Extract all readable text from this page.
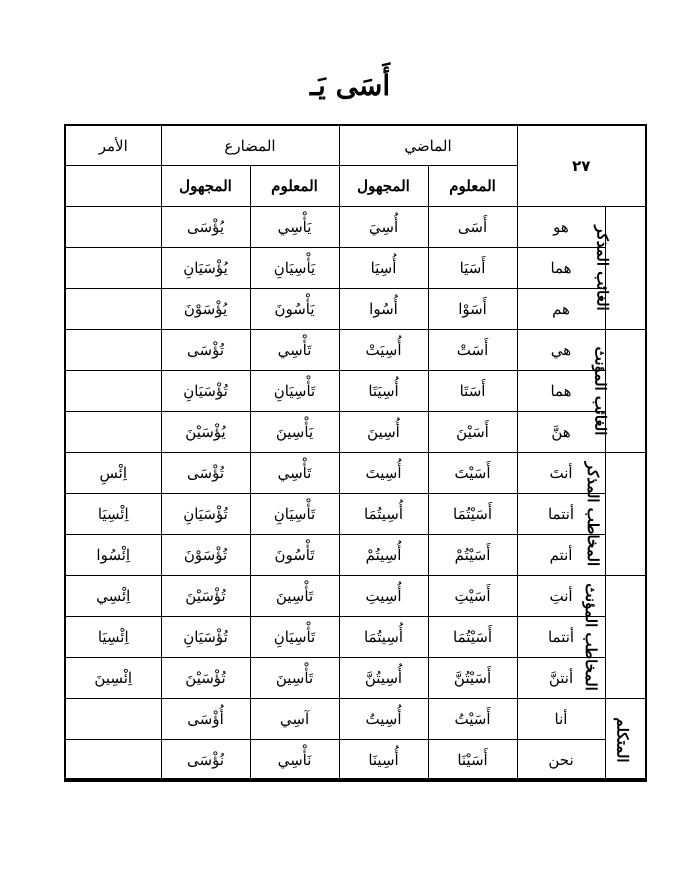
أَسَى يَـ
٢٧		الماضي		المضارع		الأمر
		المعلوم	المجهول	المعلوم	المجهول	
الغائب المذكر	هو	أَسَى	أُسِيَ	يَأْسِي	يُؤْسَى	
	هما	أَسَيَا	أُسِيَا	يَأْسِيَانِ	يُؤْسَيَانِ	
	هم	أَسَوْا	أُسُوا	يَأْسُونَ	يُؤْسَوْنَ	
الغائب المؤنث	هي	أَسَتْ	أُسِيَتْ	تَأْسِي	تُؤْسَى	
	هما	أَسَتَا	أُسِيَتَا	تَأْسِيَانِ	تُؤْسَيَانِ	
	هنَّ	أَسَيْنَ	أُسِينَ	يَأْسِينَ	يُؤْسَيْنَ	
المخاطب المذكر	أنتَ	أَسَيْتَ	أُسِيتَ	تَأْسِي	تُؤْسَى	اِئْسِ
	أنتما	أَسَيْتُمَا	أُسِيتُمَا	تَأْسِيَانِ	تُؤْسَيَانِ	اِئْسِيَا
	أنتم	أَسَيْتُمْ	أُسِيتُمْ	تَأْسُونَ	تُؤْسَوْنَ	اِئْسُوا
المخاطب المؤنث	أنتِ	أَسَيْتِ	أُسِيتِ	تَأْسِينَ	تُؤْسَيْنَ	اِئْسِي
	أنتما	أَسَيْتُمَا	أُسِيتُمَا	تَأْسِيَانِ	تُؤْسَيَانِ	اِئْسِيَا
	أنتنَّ	أَسَيْتُنَّ	أُسِيتُنَّ	تَأْسِينَ	تُؤْسَيْنَ	اِئْسِينَ
المتكلم	أنا	أَسَيْتُ	أُسِيتُ	آسِي	أُؤْسَى	
	نحن	أَسَيْنَا	أُسِينَا	نَأْسِي	نُؤْسَى	
